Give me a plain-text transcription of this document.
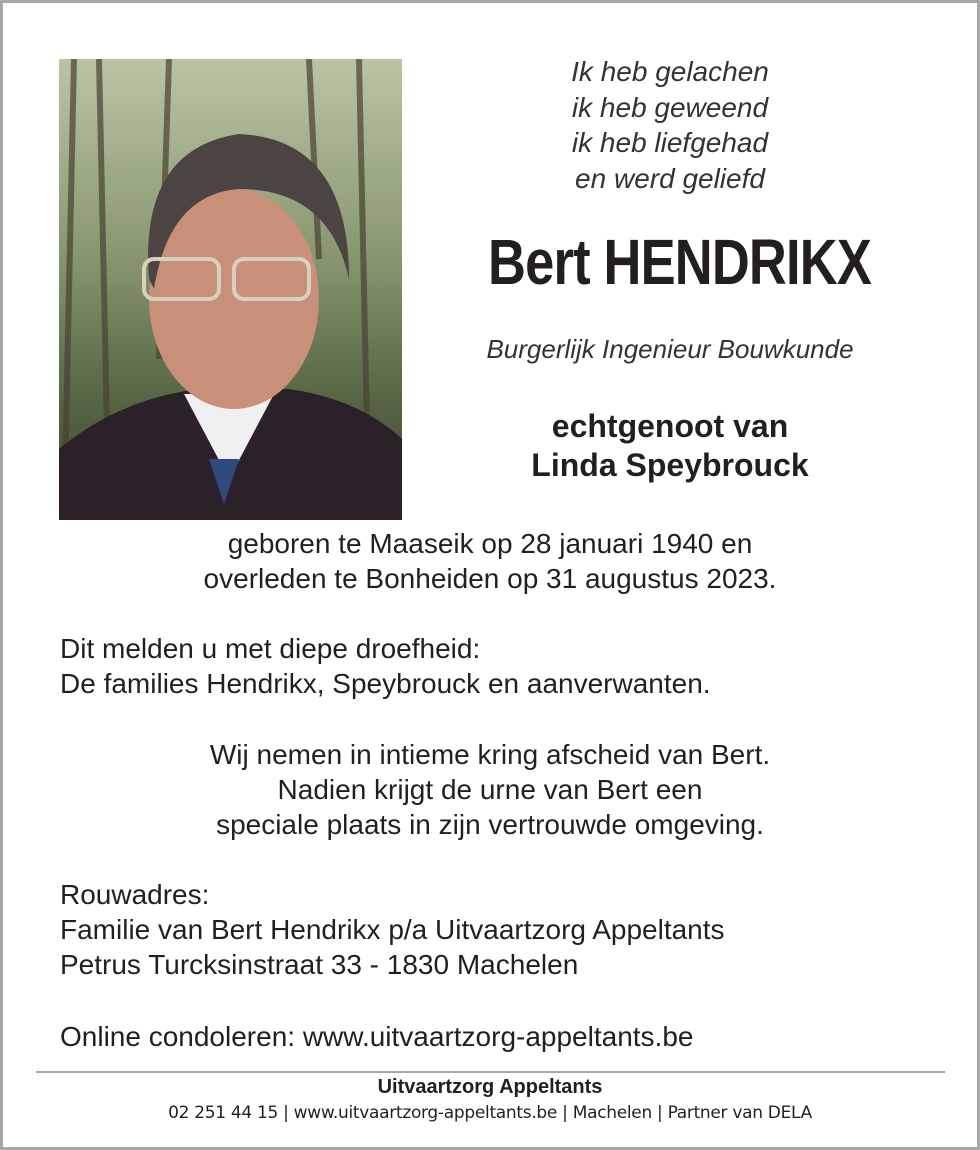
Ik heb gelachen
ik heb geweend
ik heb liefgehad
en werd geliefd
Bert HENDRIKX
Burgerlijk Ingenieur Bouwkunde
echtgenoot van
Linda Speybrouck
geboren te Maaseik op 28 januari 1940 en
overleden te Bonheiden op 31 augustus 2023.
Dit melden u met diepe droefheid:
De families Hendrikx, Speybrouck en aanverwanten.
Wij nemen in intieme kring afscheid van Bert.
Nadien krijgt de urne van Bert een
speciale plaats in zijn vertrouwde omgeving.
Rouwadres:
Familie van Bert Hendrikx p/a Uitvaartzorg Appeltants
Petrus Turcksinstraat 33 - 1830 Machelen
Online condoleren: www.uitvaartzorg-appeltants.be
Uitvaartzorg Appeltants
02 251 44 15 | www.uitvaartzorg-appeltants.be | Machelen | Partner van DELA
